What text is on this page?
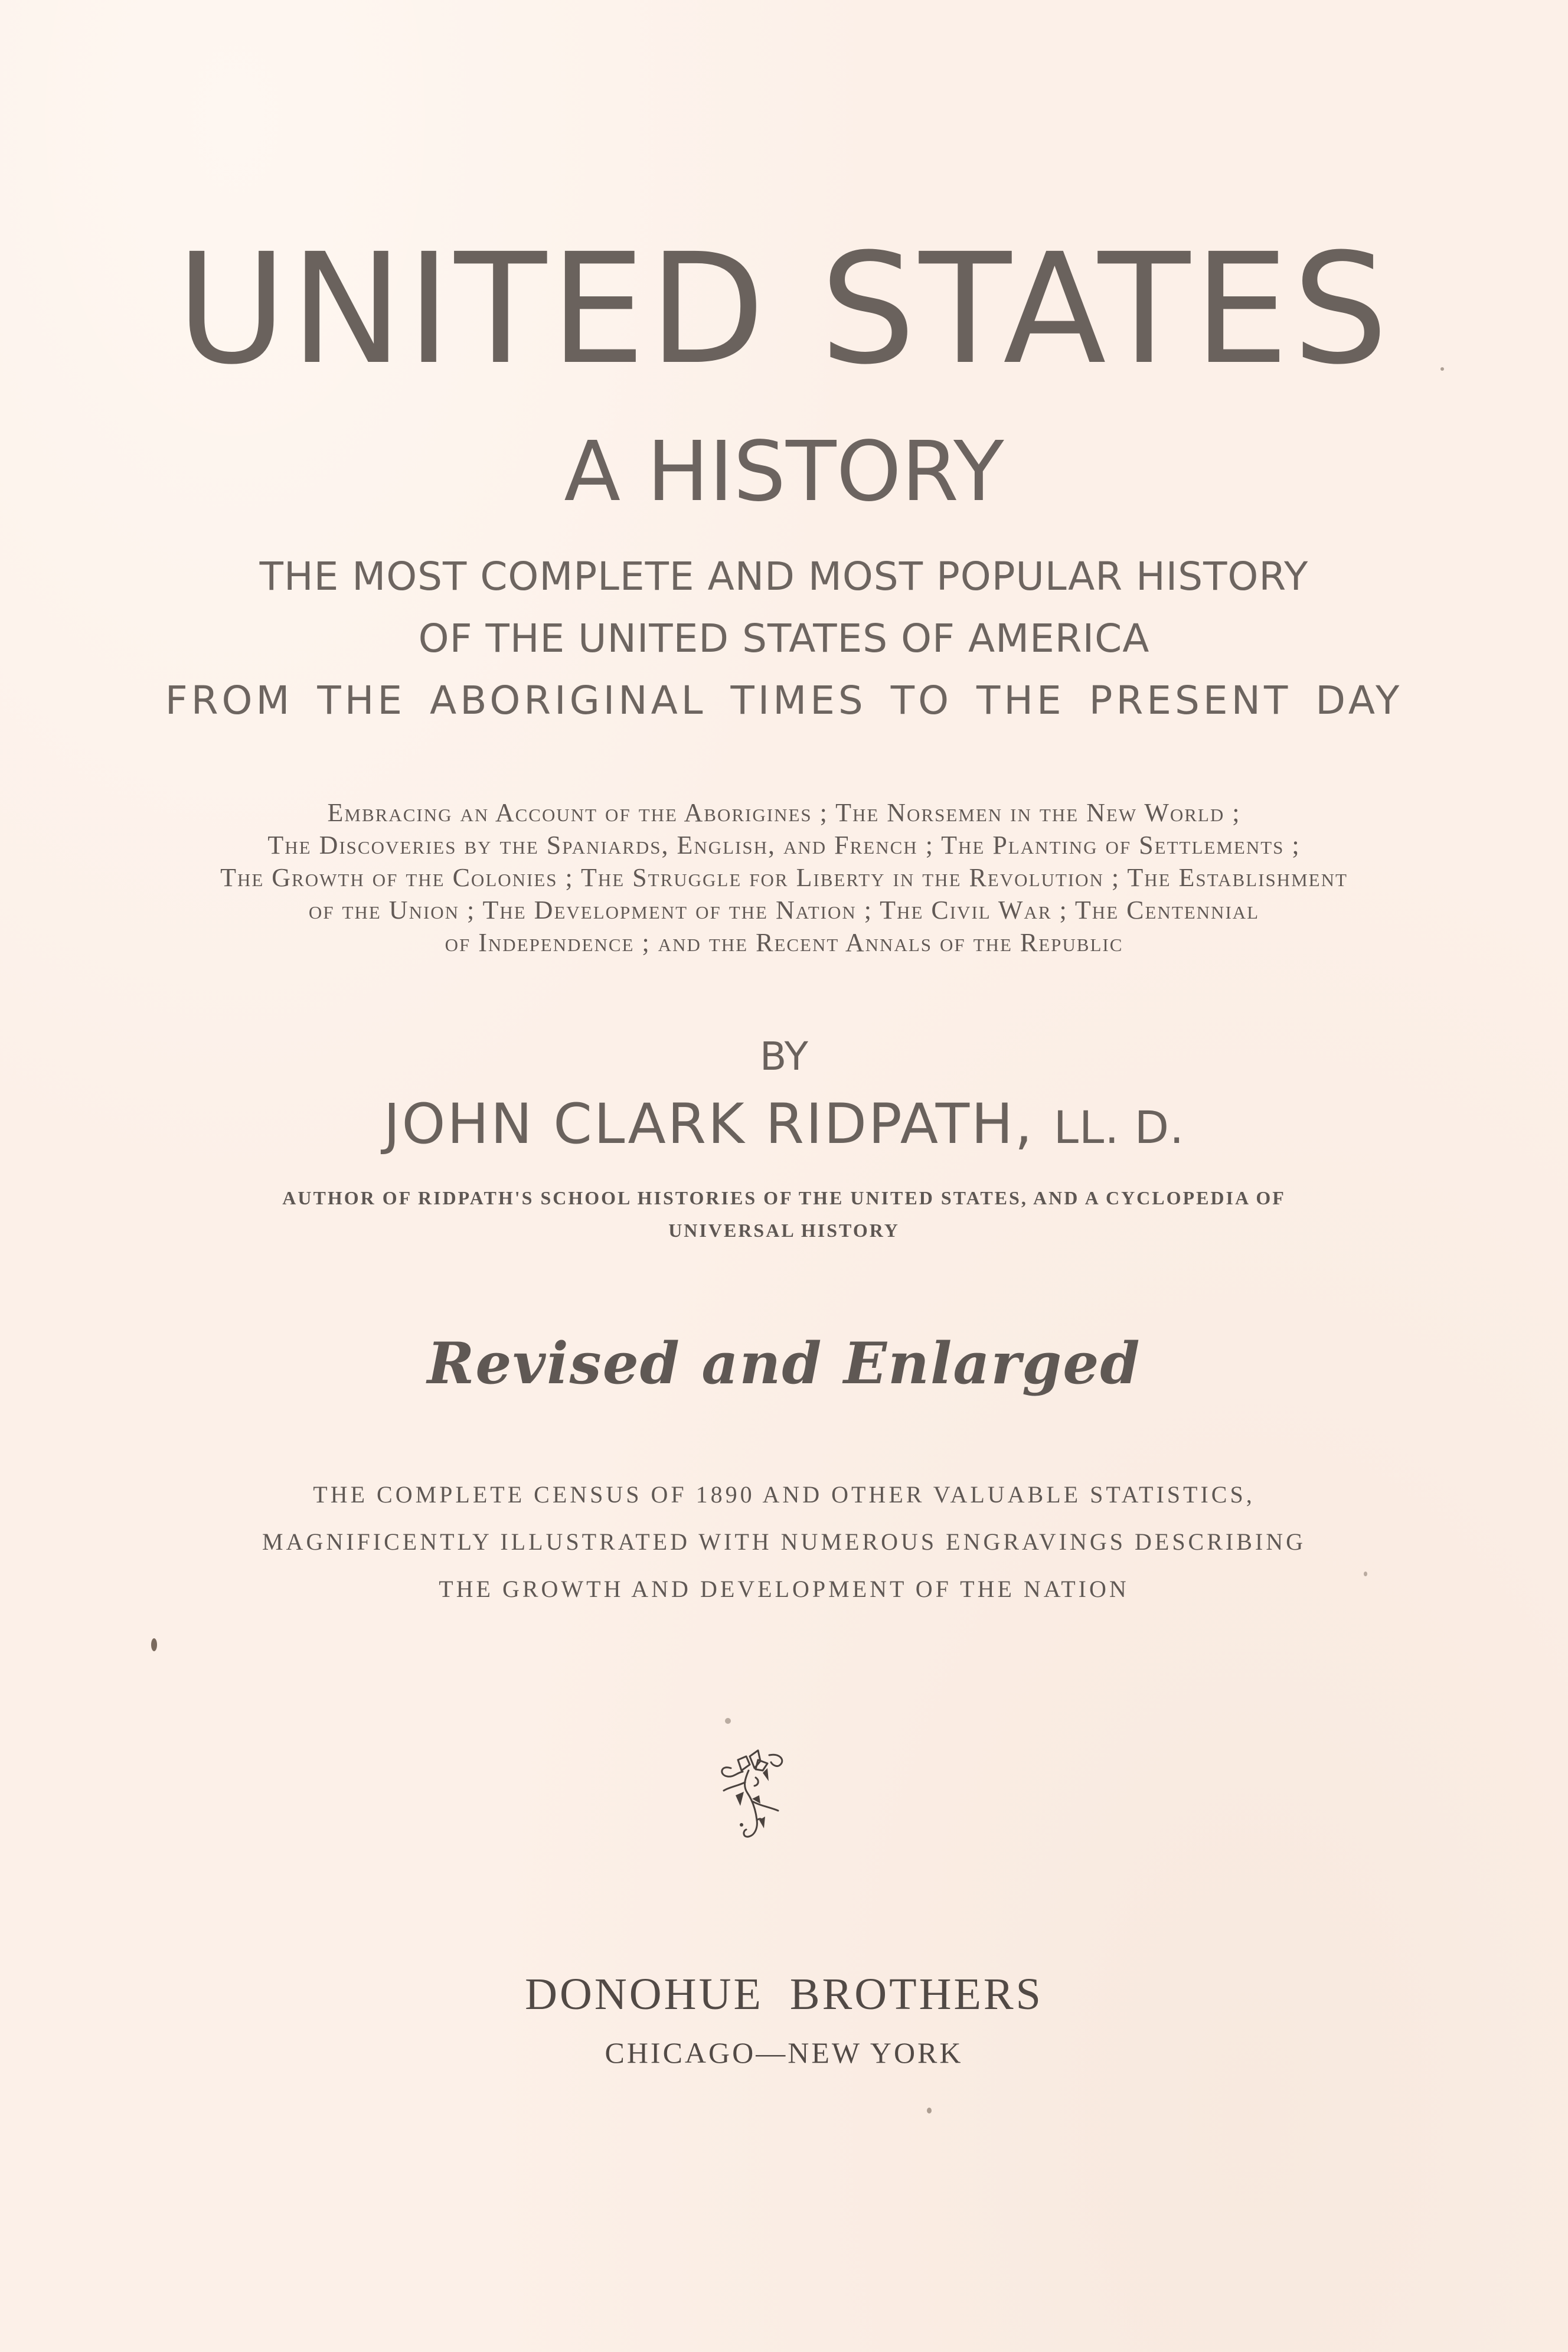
UNITED STATES
A HISTORY
THE MOST COMPLETE AND MOST POPULAR HISTORY
OF THE UNITED STATES OF AMERICA
FROM THE ABORIGINAL TIMES TO THE PRESENT DAY
Embracing an Account of the Aborigines ; The Norsemen in the New World ;
The Discoveries by the Spaniards, English, and French ; The Planting of Settlements ;
The Growth of the Colonies ; The Struggle for Liberty in the Revolution ; The Establishment
of the Union ; The Development of the Nation ; The Civil War ; The Centennial
of Independence ; and the Recent Annals of the Republic
BY
JOHN CLARK RIDPATH, LL. D.
AUTHOR OF RIDPATH'S SCHOOL HISTORIES OF THE UNITED STATES, AND A CYCLOPEDIA OF
UNIVERSAL HISTORY
Revised and Enlarged
THE COMPLETE CENSUS OF 1890 AND OTHER VALUABLE STATISTICS,
MAGNIFICENTLY ILLUSTRATED WITH NUMEROUS ENGRAVINGS DESCRIBING
THE GROWTH AND DEVELOPMENT OF THE NATION
DONOHUE BROTHERS
CHICAGO—NEW YORK
